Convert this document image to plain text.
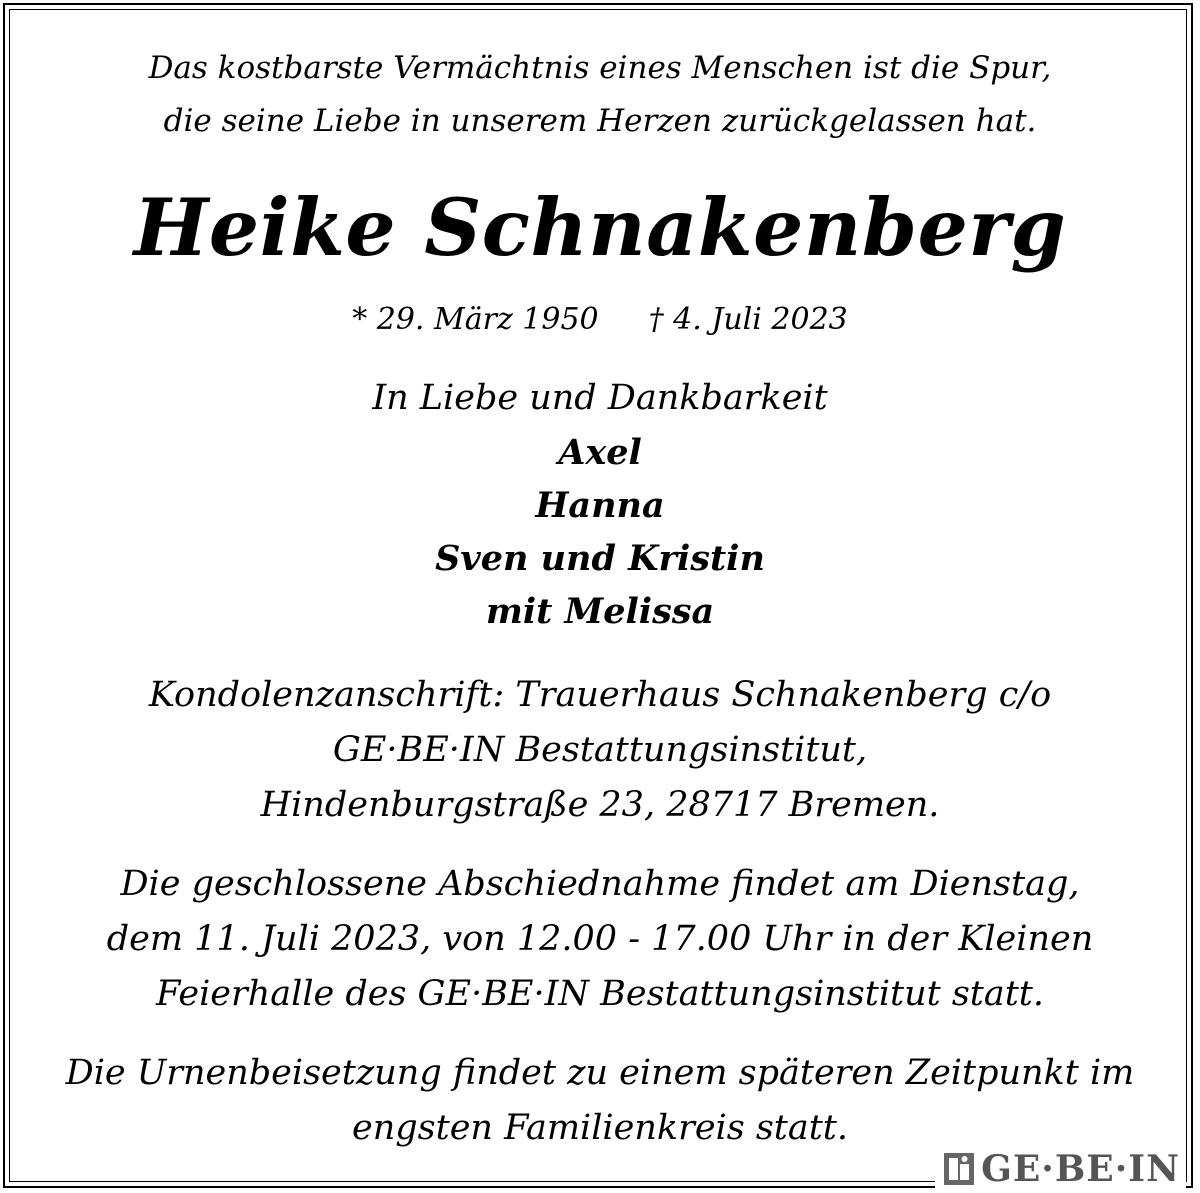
Das kostbarste Vermächtnis eines Menschen ist die Spur,
die seine Liebe in unserem Herzen zurückgelassen hat.
Heike Schnakenberg
* 29. März 1950 † 4. Juli 2023
In Liebe und Dankbarkeit
Axel
Hanna
Sven und Kristin
mit Melissa
Kondolenzanschrift: Trauerhaus Schnakenberg c/o
GE·BE·IN Bestattungsinstitut,
Hindenburgstraße 23, 28717 Bremen.
Die geschlossene Abschiednahme findet am Dienstag,
dem 11. Juli 2023, von 12.00 - 17.00 Uhr in der Kleinen
Feierhalle des GE·BE·IN Bestattungsinstitut statt.
Die Urnenbeisetzung findet zu einem späteren Zeitpunkt im
engsten Familienkreis statt.
GE·BE·IN
